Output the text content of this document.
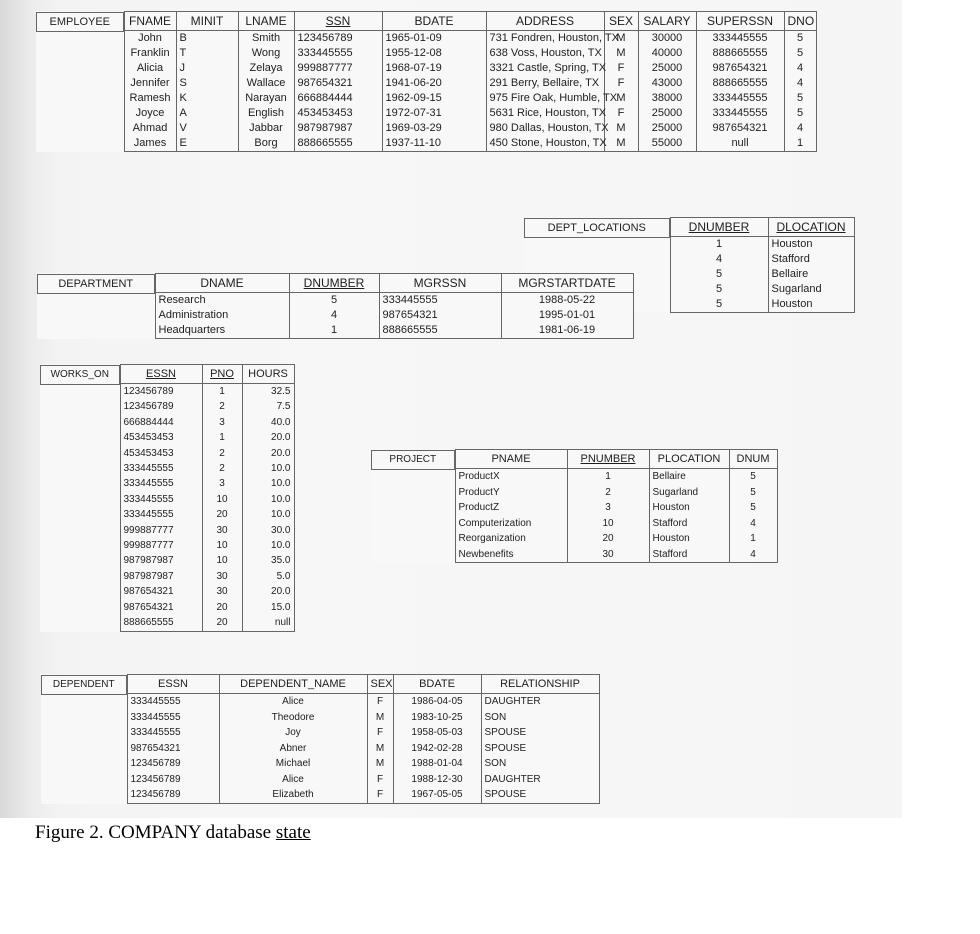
EMPLOYEE	FNAME	MINIT	LNAME	SSN	BDATE	ADDRESS	SEX	SALARY	SUPERSSN	DNO
	John	B	Smith	123456789	1965-01-09	731 Fondren, Houston, TX	M	30000	333445555	5
	Franklin	T	Wong	333445555	1955-12-08	638 Voss, Houston, TX	M	40000	888665555	5
	Alicia	J	Zelaya	999887777	1968-07-19	3321 Castle, Spring, TX	F	25000	987654321	4
	Jennifer	S	Wallace	987654321	1941-06-20	291 Berry, Bellaire, TX	F	43000	888665555	4
	Ramesh	K	Narayan	666884444	1962-09-15	975 Fire Oak, Humble, TX	M	38000	333445555	5
	Joyce	A	English	453453453	1972-07-31	5631 Rice, Houston, TX	F	25000	333445555	5
	Ahmad	V	Jabbar	987987987	1969-03-29	980 Dallas, Houston, TX	M	25000	987654321	4
	James	E	Borg	888665555	1937-11-10	450 Stone, Houston, TX	M	55000	null	1
DEPT_LOCATIONS	DNUMBER	DLOCATION
	1	Houston
	4	Stafford
	5	Bellaire
	5	Sugarland
	5	Houston
DEPARTMENT	DNAME	DNUMBER	MGRSSN	MGRSTARTDATE
	Research	5	333445555	1988-05-22
	Administration	4	987654321	1995-01-01
	Headquarters	1	888665555	1981-06-19
WORKS_ON	ESSN	PNO	HOURS
	123456789	1	32.5
	123456789	2	7.5
	666884444	3	40.0
	453453453	1	20.0
	453453453	2	20.0
	333445555	2	10.0
	333445555	3	10.0
	333445555	10	10.0
	333445555	20	10.0
	999887777	30	30.0
	999887777	10	10.0
	987987987	10	35.0
	987987987	30	5.0
	987654321	30	20.0
	987654321	20	15.0
	888665555	20	null
PROJECT	PNAME	PNUMBER	PLOCATION	DNUM
	ProductX	1	Bellaire	5
	ProductY	2	Sugarland	5
	ProductZ	3	Houston	5
	Computerization	10	Stafford	4
	Reorganization	20	Houston	1
	Newbenefits	30	Stafford	4
DEPENDENT	ESSN	DEPENDENT_NAME	SEX	BDATE	RELATIONSHIP
	333445555	Alice	F	1986-04-05	DAUGHTER
	333445555	Theodore	M	1983-10-25	SON
	333445555	Joy	F	1958-05-03	SPOUSE
	987654321	Abner	M	1942-02-28	SPOUSE
	123456789	Michael	M	1988-01-04	SON
	123456789	Alice	F	1988-12-30	DAUGHTER
	123456789	Elizabeth	F	1967-05-05	SPOUSE
Figure 2. COMPANY database state
